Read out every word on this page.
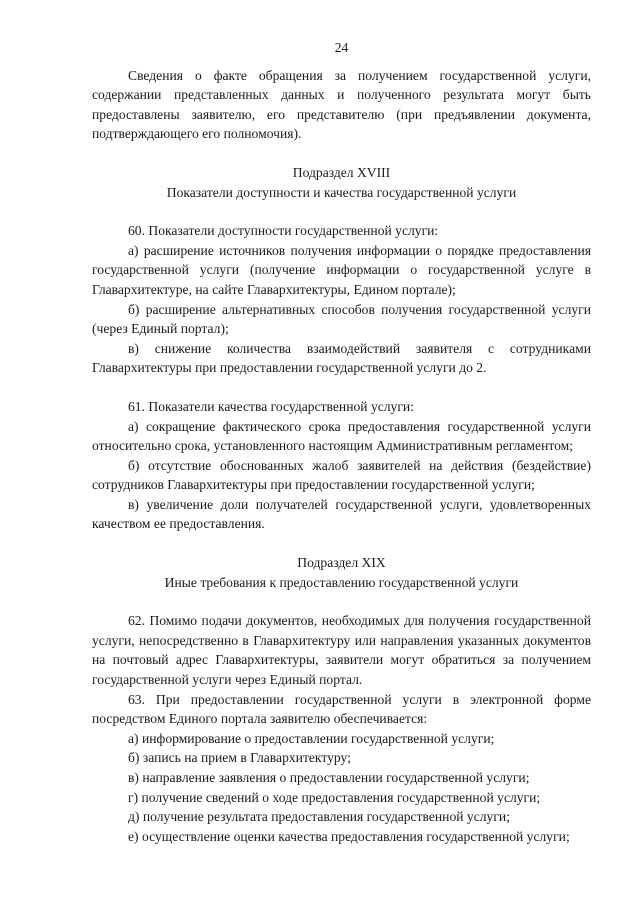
24

Сведения о факте обращения за получением государственной услуги, содержании представленных данных и полученного результата могут быть предоставлены заявителю, его представителю (при предъявлении документа, подтверждающего его полномочия).

Подраздел XVIII

Показатели доступности и качества государственной услуги

60. Показатели доступности государственной услуги:

а) расширение источников получения информации о порядке предоставления государственной услуги (получение информации о государственной услуге в Главархитектуре, на сайте Главархитектуры, Едином портале);

б) расширение альтернативных способов получения государственной услуги (через Единый портал);

в) снижение количества взаимодействий заявителя с сотрудниками Главархитектуры при предоставлении государственной услуги до 2.

61. Показатели качества государственной услуги:

а) сокращение фактического срока предоставления государственной услуги относительно срока, установленного настоящим Административным регламентом;

б) отсутствие обоснованных жалоб заявителей на действия (бездействие) сотрудников Главархитектуры при предоставлении государственной услуги;

в) увеличение доли получателей государственной услуги, удовлетворенных качеством ее предоставления.

Подраздел XIX

Иные требования к предоставлению государственной услуги

62. Помимо подачи документов, необходимых для получения государственной услуги, непосредственно в Главархитектуру или направления указанных документов на почтовый адрес Главархитектуры, заявители могут обратиться за получением государственной услуги через Единый портал.

63. При предоставлении государственной услуги в электронной форме посредством Единого портала заявителю обеспечивается:

а) информирование о предоставлении государственной услуги;

б) запись на прием в Главархитектуру;

в) направление заявления о предоставлении государственной услуги;

г) получение сведений о ходе предоставления государственной услуги;

д) получение результата предоставления государственной услуги;

е) осуществление оценки качества предоставления государственной услуги;
